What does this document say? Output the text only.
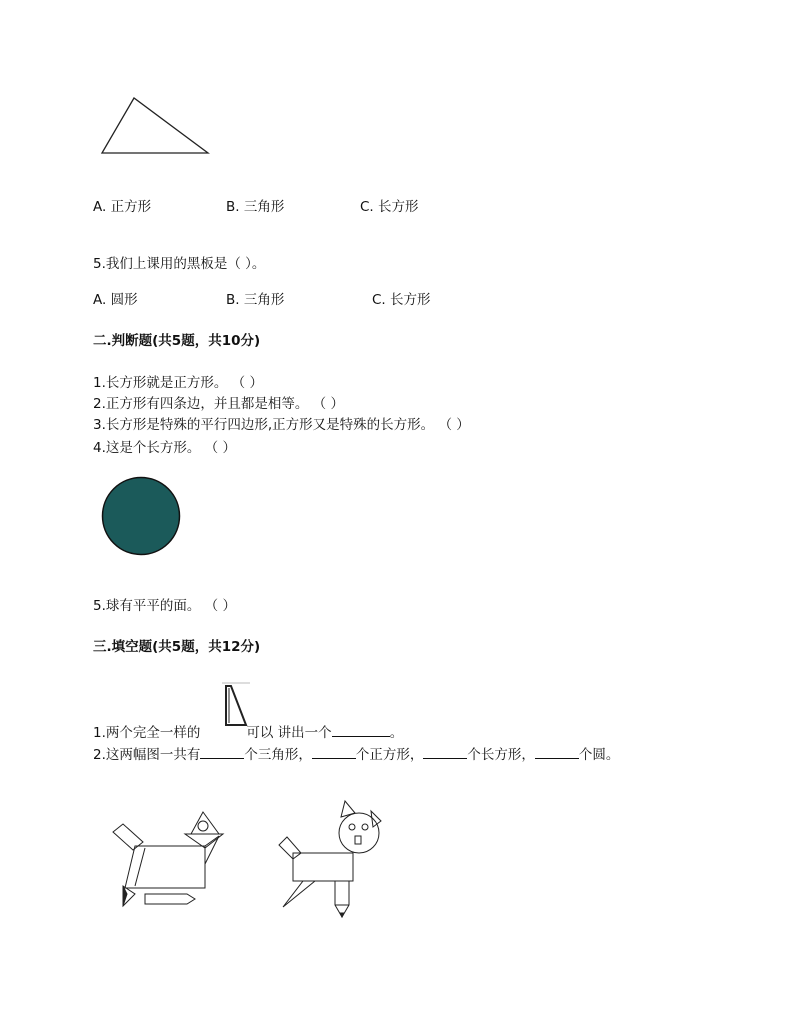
A. 正方形	B. 三角形	C. 长方形
5.我们上课用的黑板是（ ）。
A. 圆形	B. 三角形	C. 长方形
二.判断题(共5题，共10分)
1.长方形就是正方形。 （ ）
2.正方形有四条边，并且都是相等。 （ ）
3.长方形是特殊的平行四边形,正方形又是特殊的长方形。 （ ）
4.这是个长方形。 （ ）
5.球有平平的面。 （ ）
三.填空题(共5题，共12分)
1.两个完全一样的	可以 讲出一个	。
2.这两幅图一共有	个三角形，	个正方形，	个长方形，	个圆。
